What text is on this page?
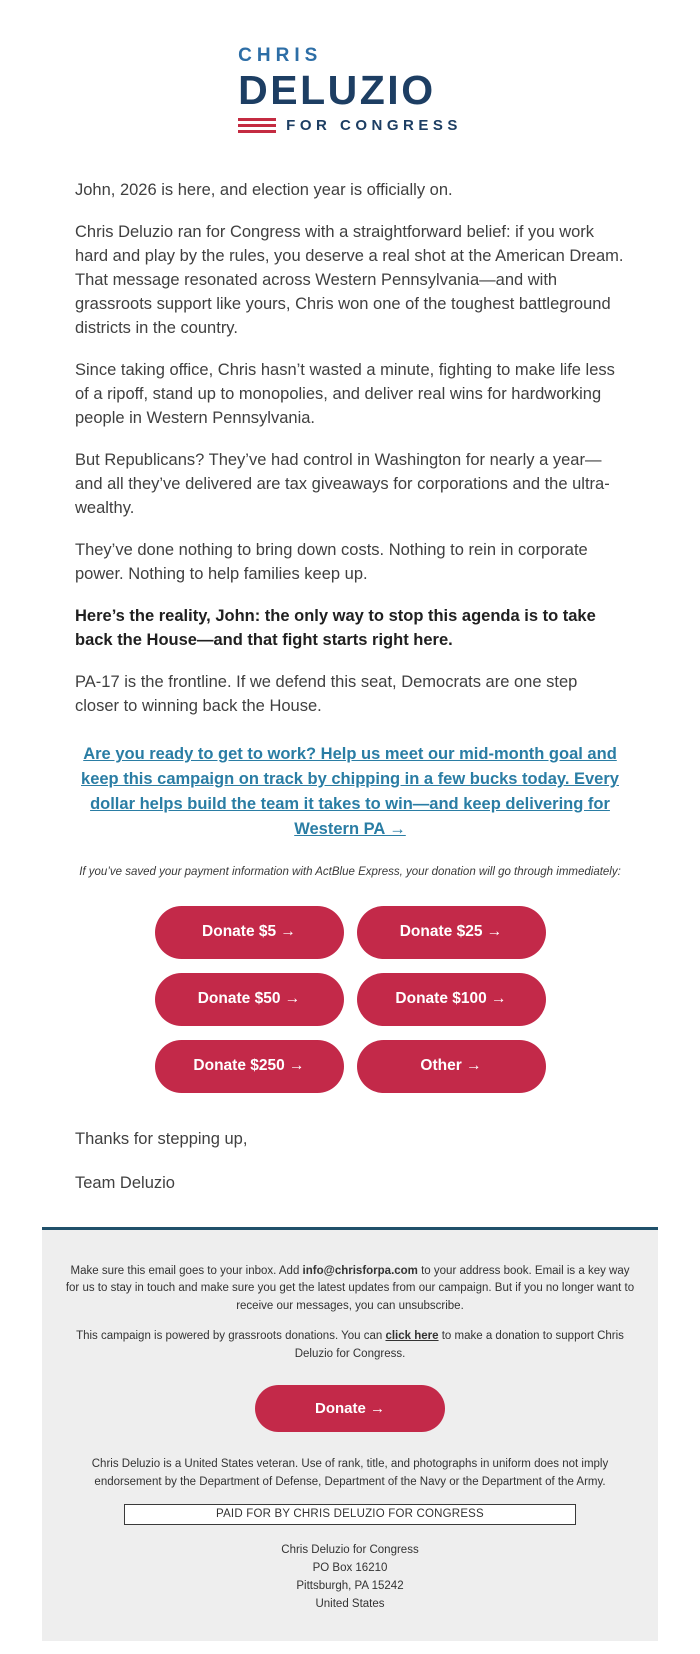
CHRIS
DELUZIO
FOR CONGRESS

John, 2026 is here, and election year is officially on.

Chris Deluzio ran for Congress with a straightforward belief: if you work hard and play by the rules, you deserve a real shot at the American Dream. That message resonated across Western Pennsylvania—and with grassroots support like yours, Chris won one of the toughest battleground districts in the country.

Since taking office, Chris hasn’t wasted a minute, fighting to make life less of a ripoff, stand up to monopolies, and deliver real wins for hardworking people in Western Pennsylvania.

But Republicans? They’ve had control in Washington for nearly a year—and all they’ve delivered are tax giveaways for corporations and the ultra-wealthy.

They’ve done nothing to bring down costs. Nothing to rein in corporate power. Nothing to help families keep up.

Here’s the reality, John: the only way to stop this agenda is to take back the House—and that fight starts right here.

PA-17 is the frontline. If we defend this seat, Democrats are one step closer to winning back the House.

Are you ready to get to work? Help us meet our mid-month goal and keep this campaign on track by chipping in a few bucks today. Every dollar helps build the team it takes to win—and keep delivering for Western PA →

If you’ve saved your payment information with ActBlue Express, your donation will go through immediately:

Donate $5 →	Donate $25 →
Donate $50 →	Donate $100 →
Donate $250 →	Other →

Thanks for stepping up,

Team Deluzio

Make sure this email goes to your inbox. Add info@chrisforpa.com to your address book. Email is a key way for us to stay in touch and make sure you get the latest updates from our campaign. But if you no longer want to receive our messages, you can unsubscribe.

This campaign is powered by grassroots donations. You can click here to make a donation to support Chris Deluzio for Congress.

Donate →

Chris Deluzio is a United States veteran. Use of rank, title, and photographs in uniform does not imply endorsement by the Department of Defense, Department of the Navy or the Department of the Army.

PAID FOR BY CHRIS DELUZIO FOR CONGRESS
Chris Deluzio for Congress
PO Box 16210
Pittsburgh, PA 15242
United States
